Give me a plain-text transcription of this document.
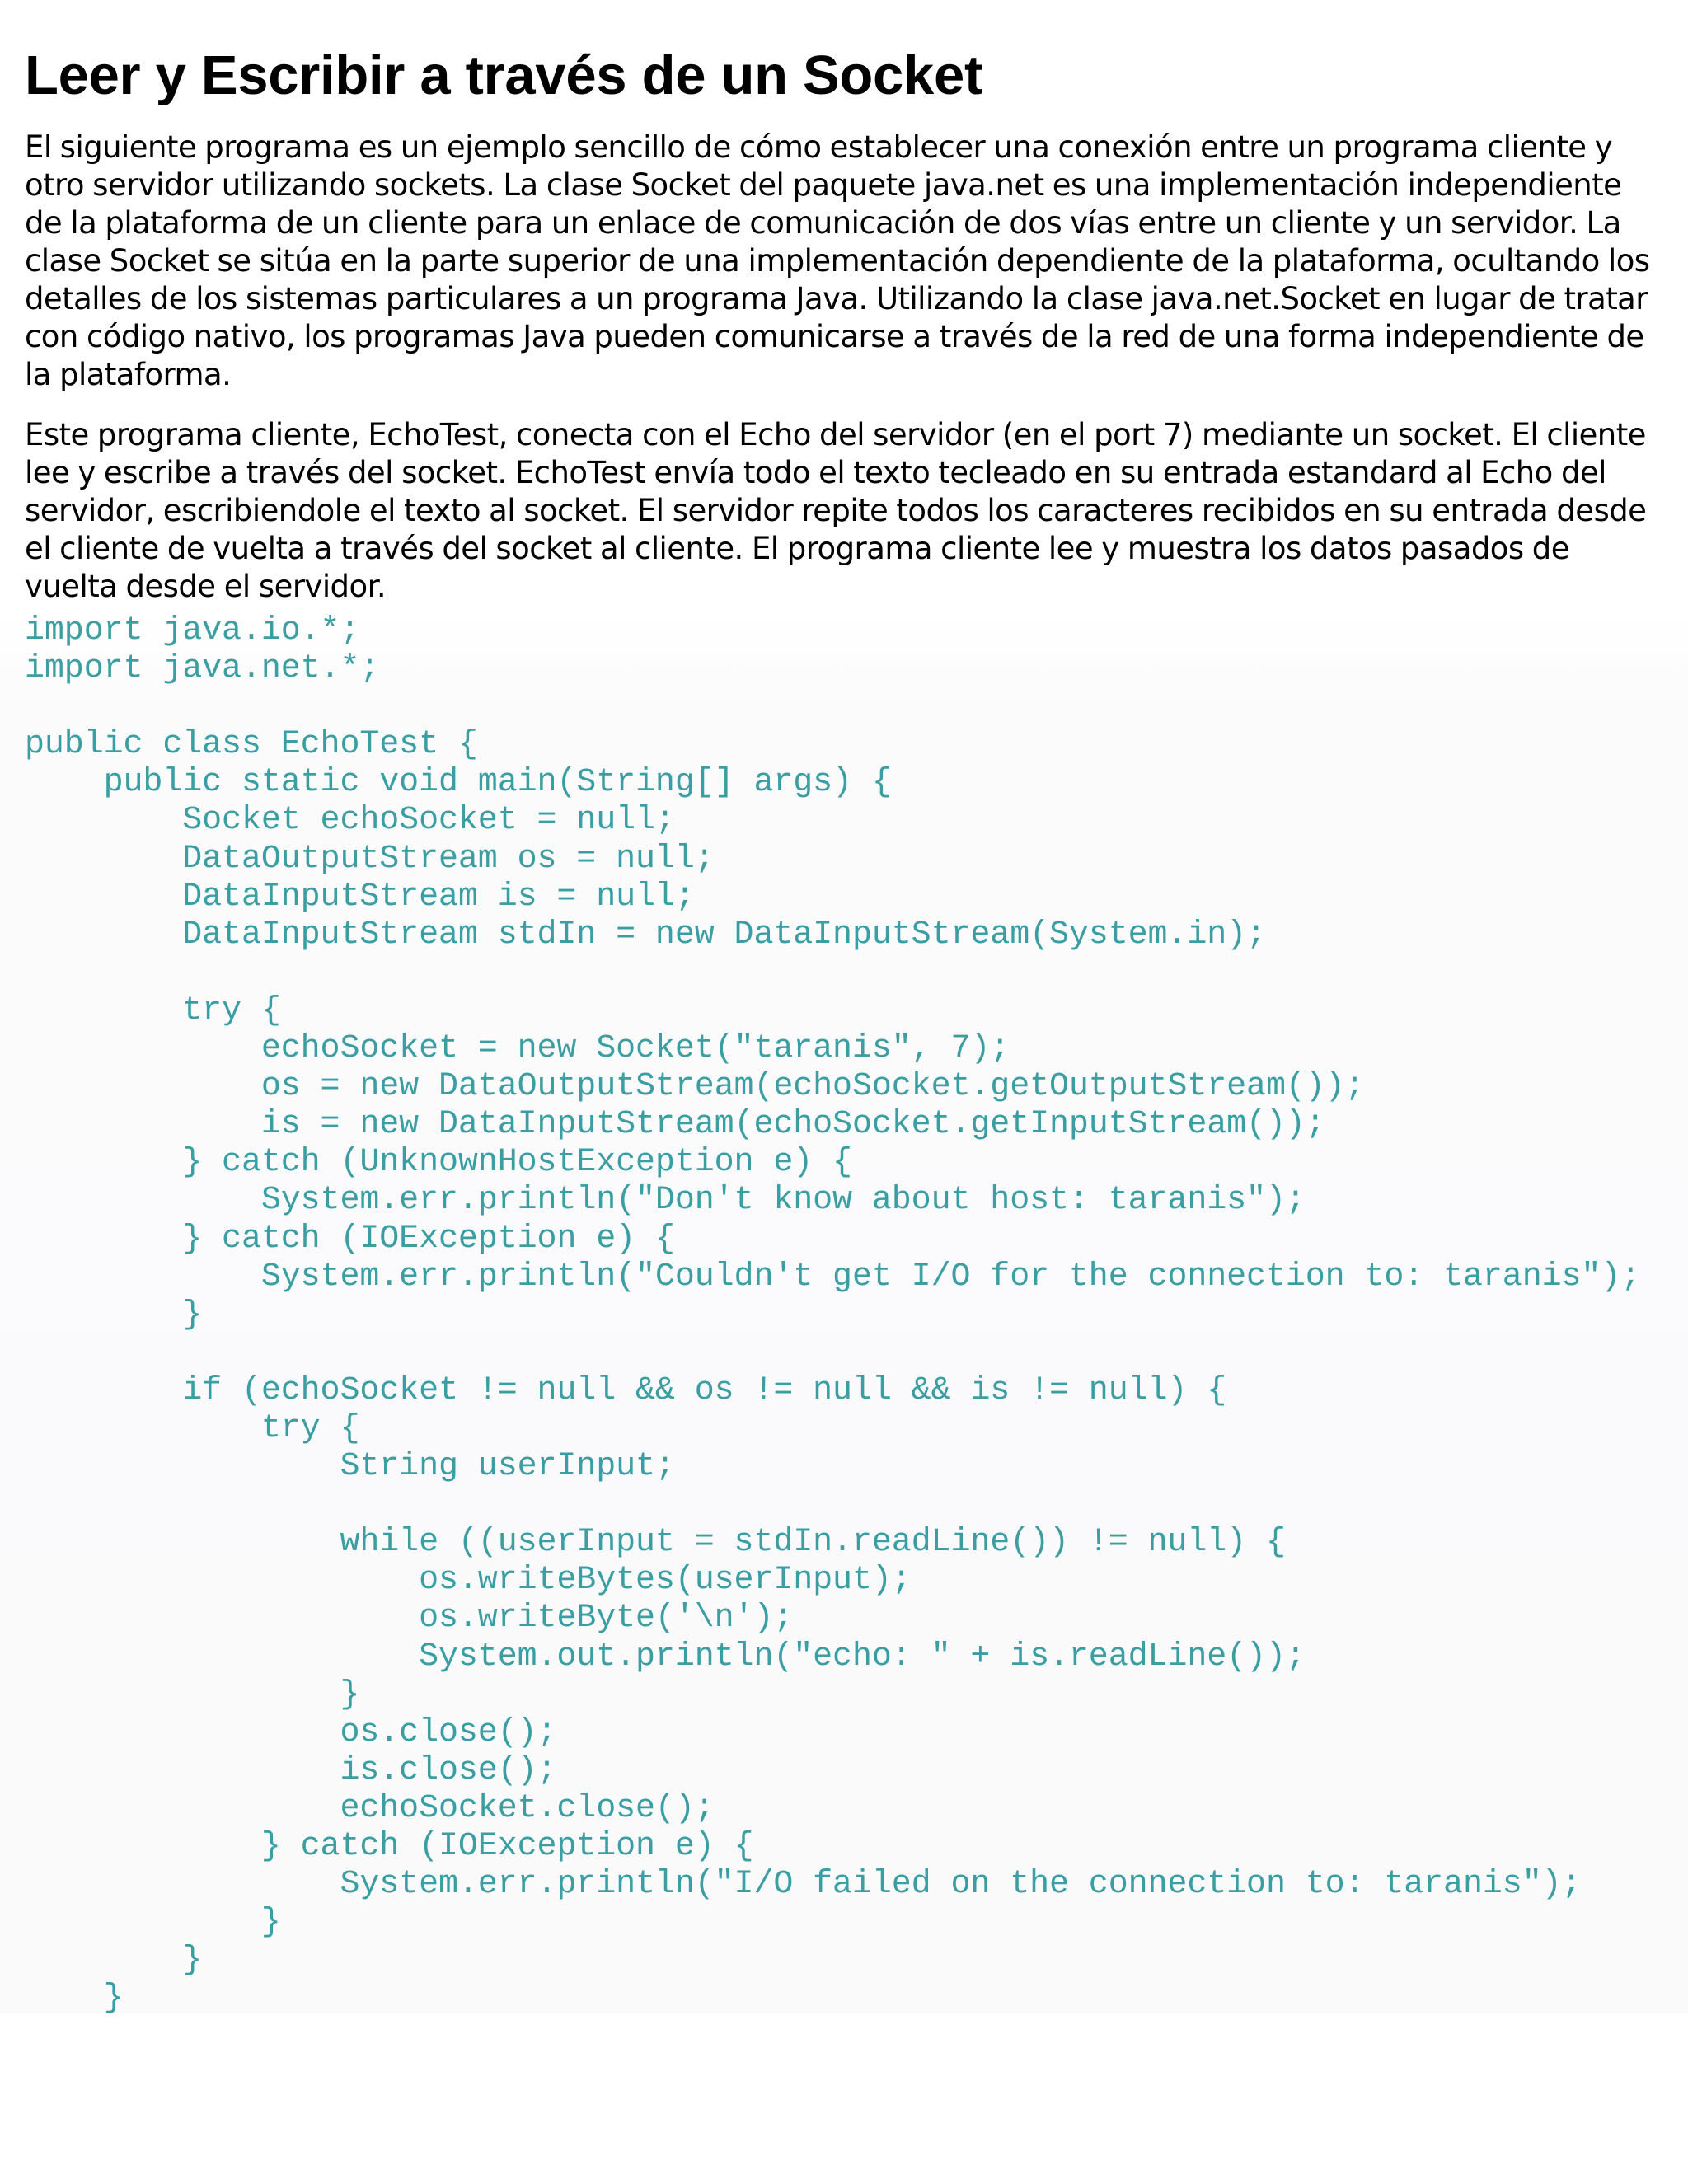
Leer y Escribir a través de un Socket

El siguiente programa es un ejemplo sencillo de cómo establecer una conexión entre un programa cliente y otro servidor utilizando sockets. La clase Socket del paquete java.net es una implementación independiente de la plataforma de un cliente para un enlace de comunicación de dos vías entre un cliente y un servidor. La clase Socket se sitúa en la parte superior de una implementación dependiente de la plataforma, ocultando los detalles de los sistemas particulares a un programa Java. Utilizando la clase java.net.Socket en lugar de tratar con código nativo, los programas Java pueden comunicarse a través de la red de una forma independiente de la plataforma.

Este programa cliente, EchoTest, conecta con el Echo del servidor (en el port 7) mediante un socket. El cliente lee y escribe a través del socket. EchoTest envía todo el texto tecleado en su entrada estandard al Echo del servidor, escribiendole el texto al socket. El servidor repite todos los caracteres recibidos en su entrada desde el cliente de vuelta a través del socket al cliente. El programa cliente lee y muestra los datos pasados de vuelta desde el servidor.

import java.io.*;
import java.net.*;

public class EchoTest {
public static void main(String[] args) {
Socket echoSocket = null;
DataOutputStream os = null;
DataInputStream is = null;
DataInputStream stdIn = new DataInputStream(System.in);

try {
echoSocket = new Socket("taranis", 7);
os = new DataOutputStream(echoSocket.getOutputStream());
is = new DataInputStream(echoSocket.getInputStream());
} catch (UnknownHostException e) {
System.err.println("Don't know about host: taranis");
} catch (IOException e) {
System.err.println("Couldn't get I/O for the connection to: taranis");
}

if (echoSocket != null && os != null && is != null) {
try {
String userInput;

while ((userInput = stdIn.readLine()) != null) {
os.writeBytes(userInput);
os.writeByte('\n');
System.out.println("echo: " + is.readLine());
}
os.close();
is.close();
echoSocket.close();
} catch (IOException e) {
System.err.println("I/O failed on the connection to: taranis");
}
}
}
